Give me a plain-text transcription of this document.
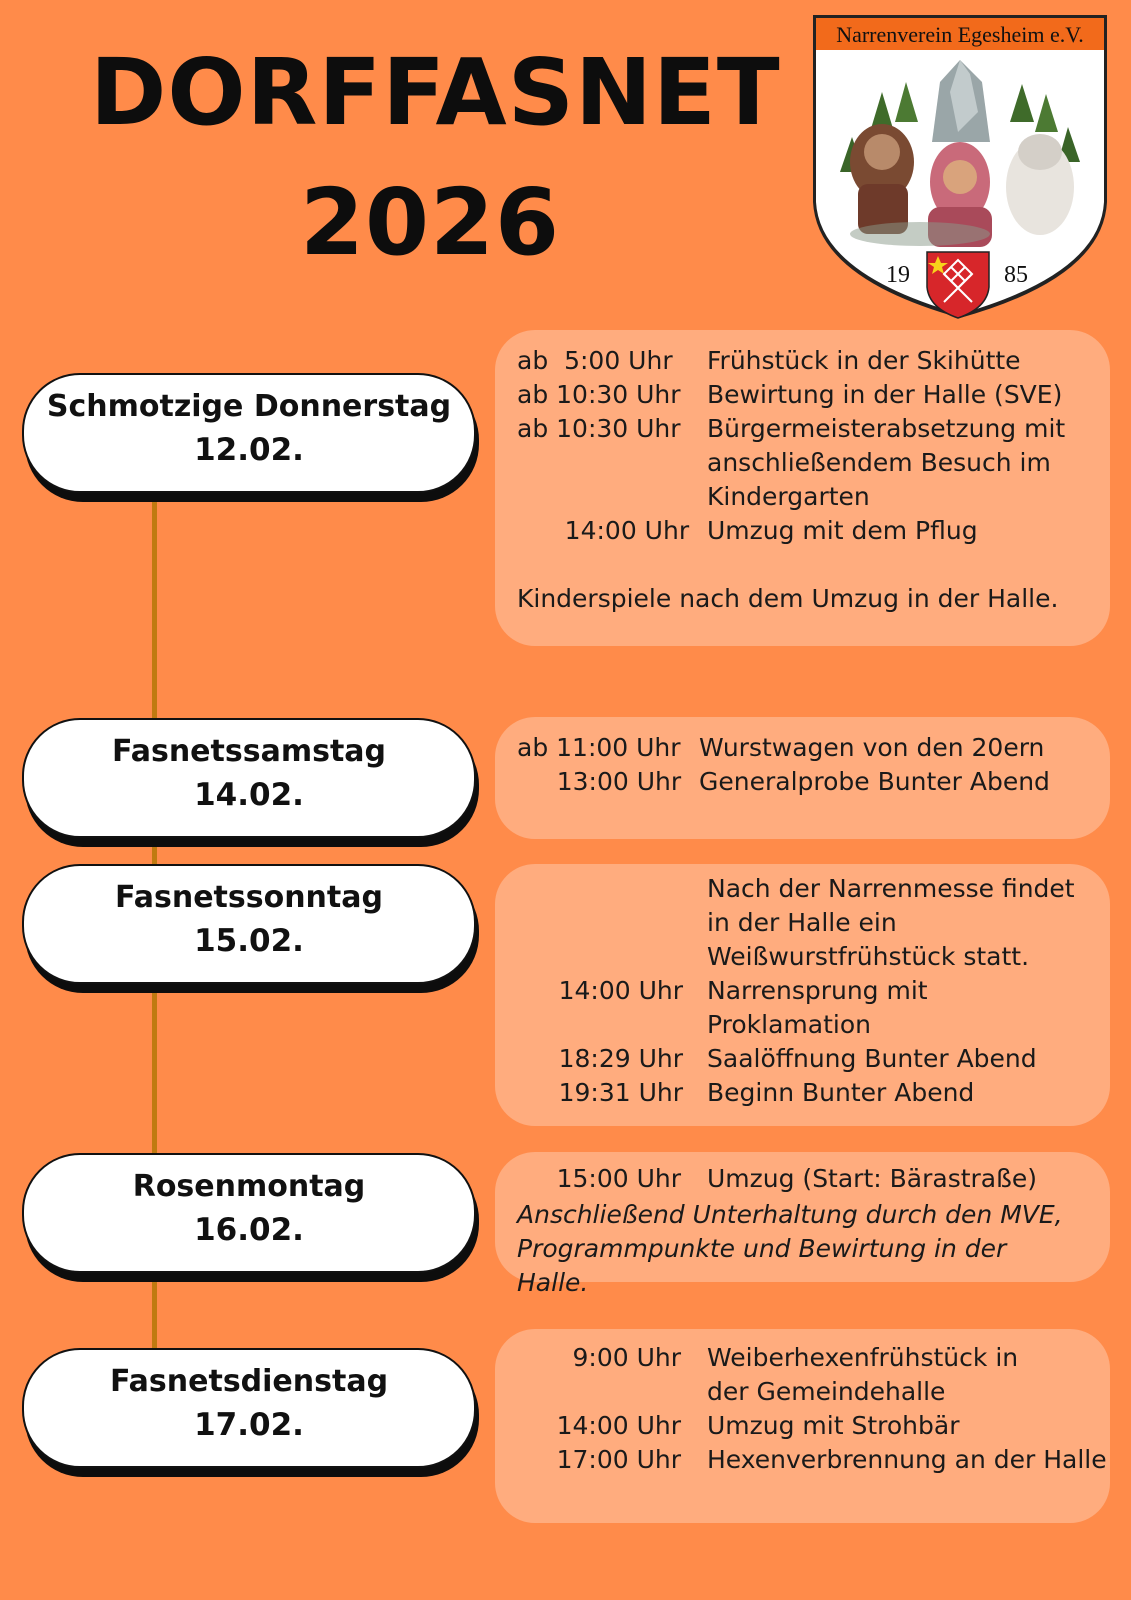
DORFFASNET
2026
Narrenverein Egesheim e.V.
19	85
Schmotzige Donnerstag
12.02.
Fasnetssamstag
14.02.
Fasnetssonntag
15.02.
Rosenmontag
16.02.
Fasnetsdienstag
17.02.
ab  5:00 Uhr	Frühstück in der Skihütte
ab 10:30 Uhr	Bewirtung in der Halle (SVE)
ab 10:30 Uhr	Bürgermeisterabsetzung mit anschließendem Besuch im Kindergarten
14:00 Uhr Umzug mit dem Pflug
Kinderspiele nach dem Umzug in der Halle.
ab 11:00 Uhr Wurstwagen von den 20ern
13:00 Uhr Generalprobe Bunter Abend
Nach der Narrenmesse findet in der Halle ein Weißwurstfrühstück statt.
14:00 Uhr Narrensprung mit Proklamation
18:29 Uhr Saalöffnung Bunter Abend
19:31 Uhr Beginn Bunter Abend
15:00 Uhr	Umzug (Start: Bärastraße)
Anschließend Unterhaltung durch den MVE, Programmpunkte und Bewirtung in der Halle.
9:00 Uhr	Weiberhexenfrühstück in der Gemeindehalle
14:00 Uhr	Umzug mit Strohbär
17:00 Uhr	Hexenverbrennung an der Halle
